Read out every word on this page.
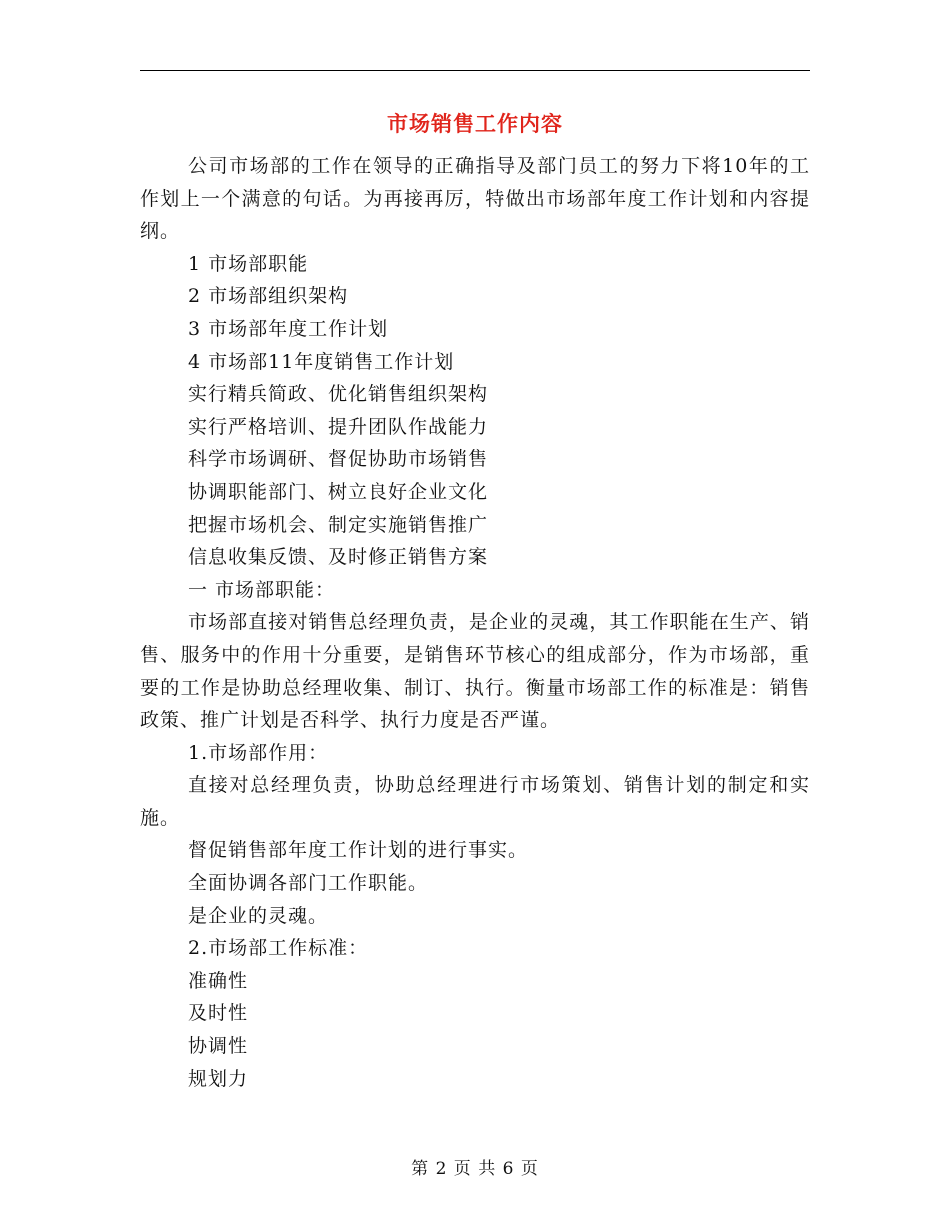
市场销售工作内容

公司市场部的工作在领导的正确指导及部门员工的努力下将10年的工作划上一个满意的句话。为再接再厉，特做出市场部年度工作计划和内容提纲。

1 市场部职能

2 市场部组织架构

3 市场部年度工作计划

4 市场部11年度销售工作计划

实行精兵简政、优化销售组织架构

实行严格培训、提升团队作战能力

科学市场调研、督促协助市场销售

协调职能部门、树立良好企业文化

把握市场机会、制定实施销售推广

信息收集反馈、及时修正销售方案

一 市场部职能：

市场部直接对销售总经理负责，是企业的灵魂，其工作职能在生产、销售、服务中的作用十分重要，是销售环节核心的组成部分，作为市场部，重要的工作是协助总经理收集、制订、执行。衡量市场部工作的标准是：销售政策、推广计划是否科学、执行力度是否严谨。

1.市场部作用：

直接对总经理负责，协助总经理进行市场策划、销售计划的制定和实施。

督促销售部年度工作计划的进行事实。

全面协调各部门工作职能。

是企业的灵魂。

2.市场部工作标准：

准确性

及时性

协调性

规划力

第 2 页 共 6 页
